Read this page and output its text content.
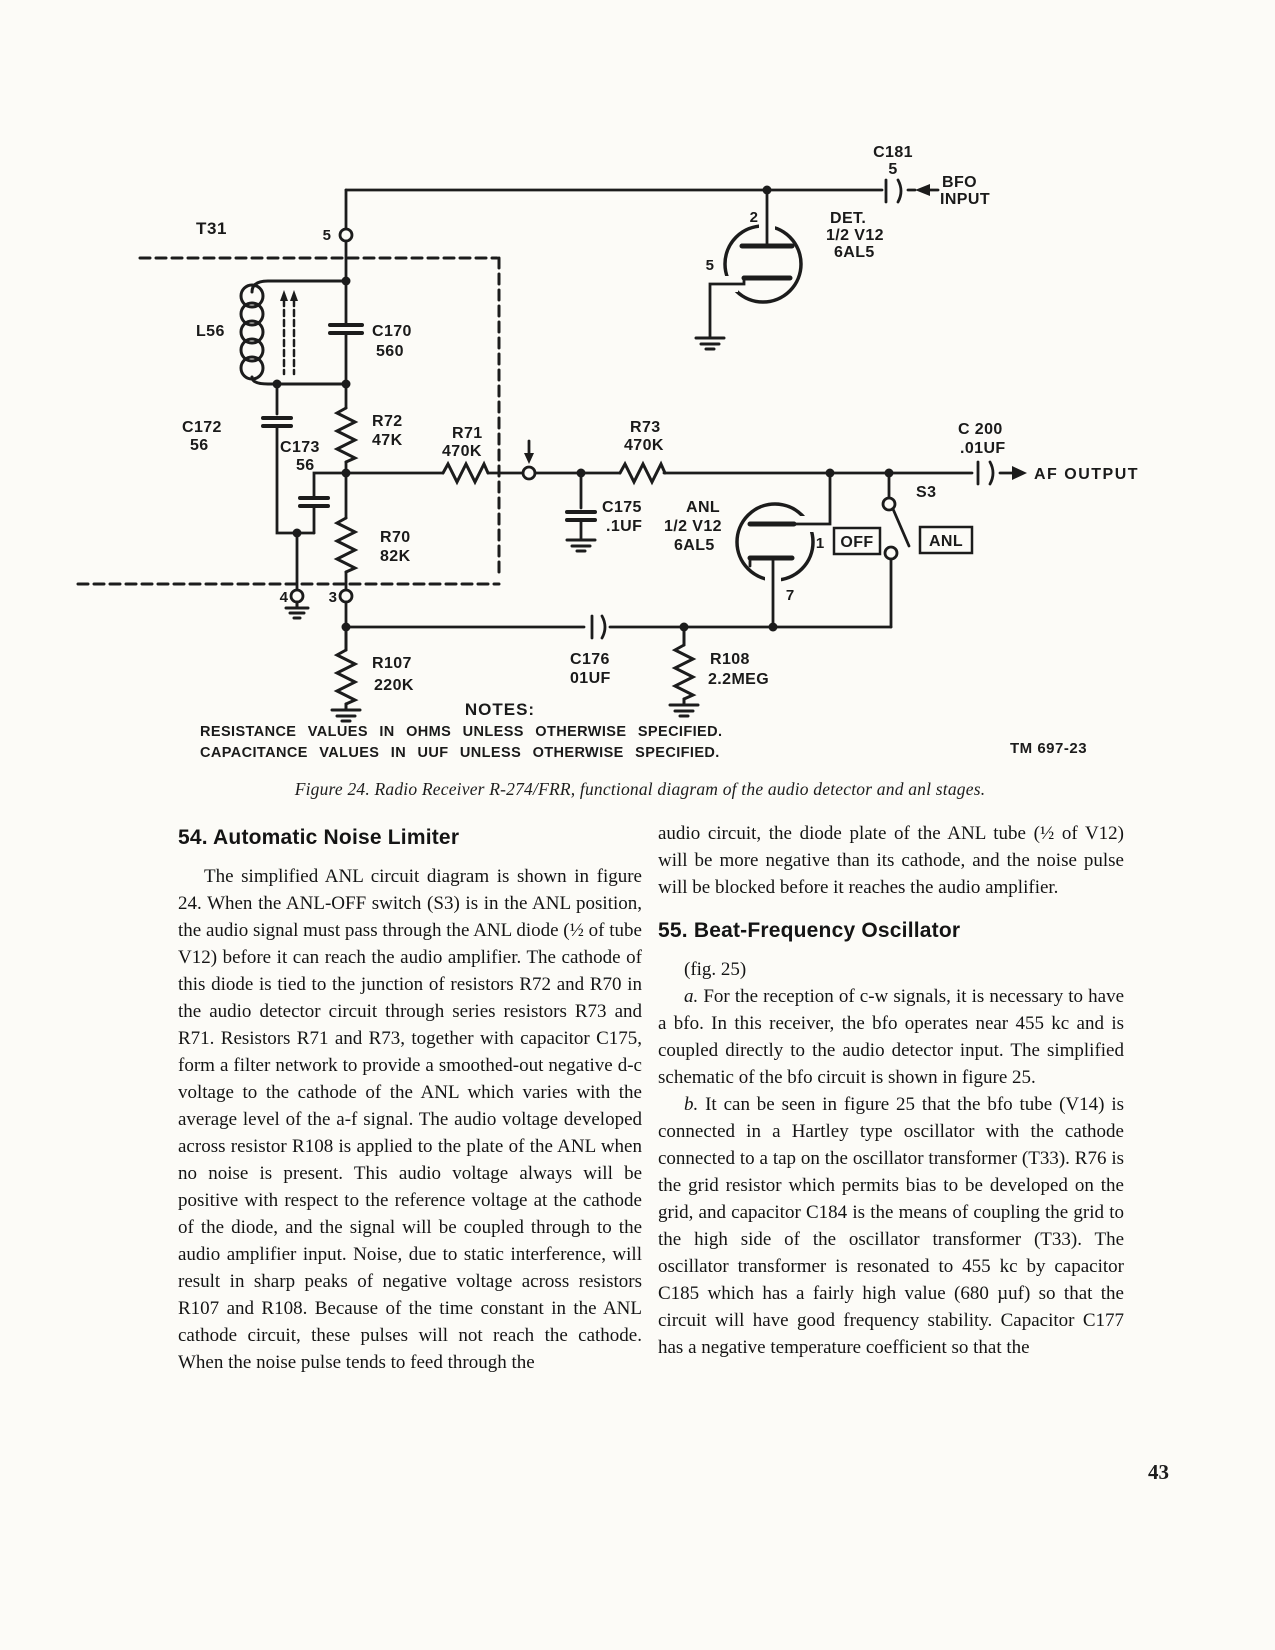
T31	5
4	3
L56
C181
5
BFO
INPUT
2
5
DET.
1/2 V12
6AL5
C170
560
C172
56	C173
56
R72
47K	R71
470K
R70
82K
R73
470K
C175
.1UF
ANL
1/2 V12
6AL5	1
7
S3
OFF	ANL
C 200
.01UF
AF OUTPUT
R107
220K
C176
01UF
R108
2.2MEG

NOTES:

RESISTANCE VALUES IN OHMS UNLESS OTHERWISE SPECIFIED.

CAPACITANCE VALUES IN UUF UNLESS OTHERWISE SPECIFIED.	TM 697-23
Figure 24. Radio Receiver R-274/FRR, functional diagram of the audio detector and anl stages.
54. Automatic Noise Limiter

The simplified ANL circuit diagram is shown in figure 24. When the ANL-OFF switch (S3) is in the ANL position, the audio signal must pass through the ANL diode (½ of tube V12) before it can reach the audio amplifier. The cathode of this diode is tied to the junction of resistors R72 and R70 in the audio detector circuit through series resistors R73 and R71. Resistors R71 and R73, together with capacitor C175, form a filter network to provide a smoothed-out negative d-c voltage to the cathode of the ANL which varies with the average level of the a-f signal. The audio voltage developed across resistor R108 is applied to the plate of the ANL when no noise is present. This audio voltage always will be positive with respect to the reference voltage at the cathode of the diode, and the signal will be coupled through to the audio amplifier input. Noise, due to static interference, will result in sharp peaks of negative voltage across resistors R107 and R108. Because of the time constant in the ANL cathode circuit, these pulses will not reach the cathode. When the noise pulse tends to feed through the

audio circuit, the diode plate of the ANL tube (½ of V12) will be more negative than its cathode, and the noise pulse will be blocked before it reaches the audio amplifier.

55. Beat-Frequency Oscillator

(fig. 25)

a. For the reception of c-w signals, it is necessary to have a bfo. In this receiver, the bfo operates near 455 kc and is coupled directly to the audio detector input. The simplified schematic of the bfo circuit is shown in figure 25.

b. It can be seen in figure 25 that the bfo tube (V14) is connected in a Hartley type oscillator with the cathode connected to a tap on the oscillator transformer (T33). R76 is the grid resistor which permits bias to be developed on the grid, and capacitor C184 is the means of coupling the grid to the high side of the oscillator transformer (T33). The oscillator transformer is resonated to 455 kc by capacitor C185 which has a fairly high value (680 µuf) so that the circuit will have good frequency stability. Capacitor C177 has a negative temperature coefficient so that the

43
